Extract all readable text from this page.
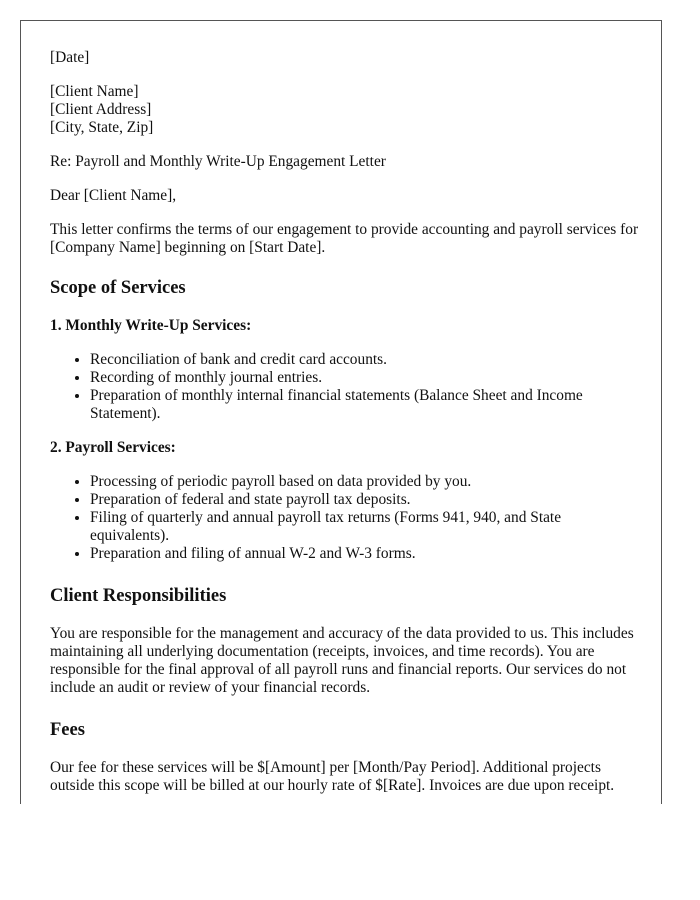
[Date]

[Client Name]

[Client Address]

[City, State, Zip]

Re: Payroll and Monthly Write-Up Engagement Letter

Dear [Client Name],

This letter confirms the terms of our engagement to provide accounting and payroll services for [Company Name] beginning on [Start Date].

Scope of Services
1. Monthly Write-Up Services:
• Reconciliation of bank and credit card accounts.
• Recording of monthly journal entries.
• Preparation of monthly internal financial statements (Balance Sheet and Income Statement).
2. Payroll Services:
• Processing of periodic payroll based on data provided by you.
• Preparation of federal and state payroll tax deposits.
• Filing of quarterly and annual payroll tax returns (Forms 941, 940, and State equivalents).
• Preparation and filing of annual W-2 and W-3 forms.
Client Responsibilities

You are responsible for the management and accuracy of the data provided to us. This includes maintaining all underlying documentation (receipts, invoices, and time records). You are responsible for the final approval of all payroll runs and financial reports. Our services do not include an audit or review of your financial records.

Fees

Our fee for these services will be $[Amount] per [Month/Pay Period]. Additional projects outside this scope will be billed at our hourly rate of $[Rate]. Invoices are due upon receipt.
